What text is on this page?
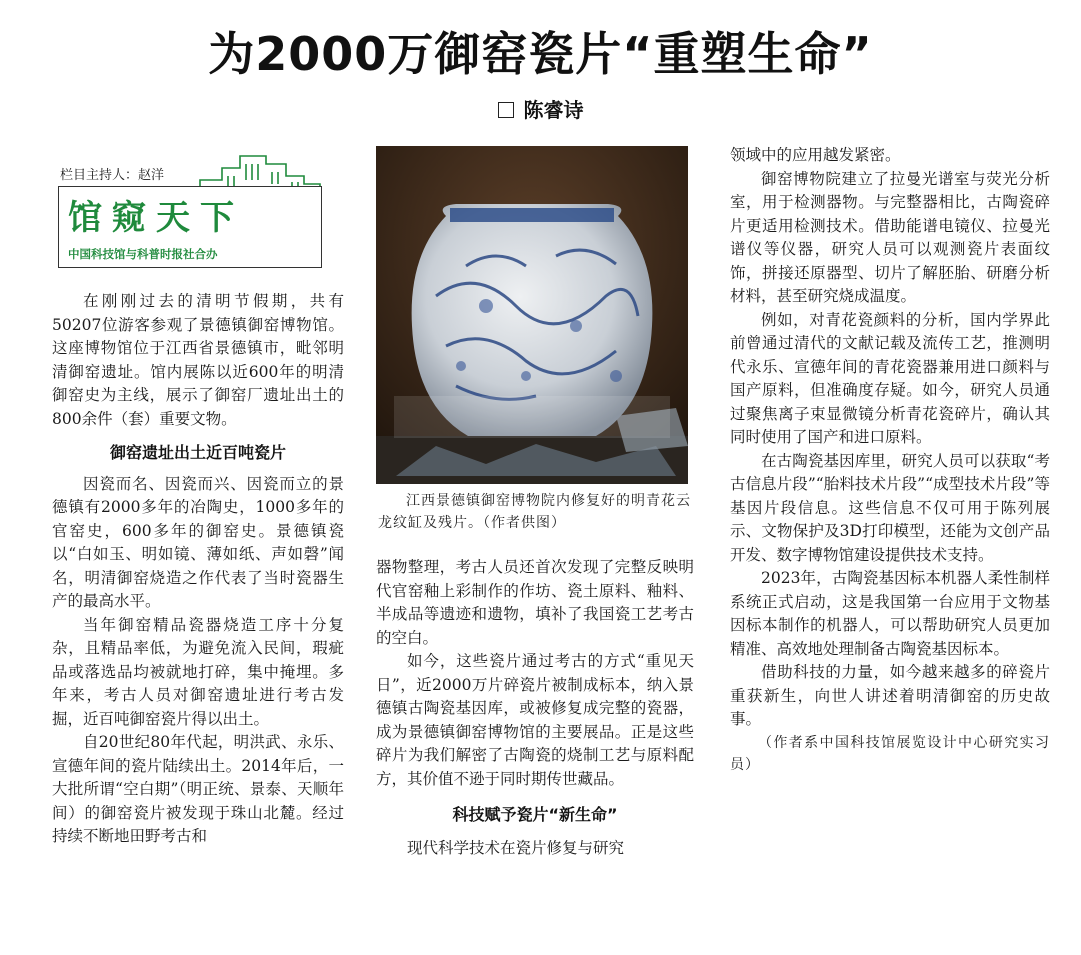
为2000万御窑瓷片“重塑生命”
陈睿诗
栏目主持人：赵洋
馆窥天下
中国科技馆与科普时报社合办
江西景德镇御窑博物院内修复好的明青花云龙纹缸及残片。（作者供图）

在刚刚过去的清明节假期，共有50207位游客参观了景德镇御窑博物馆。这座博物馆位于江西省景德镇市，毗邻明清御窑遗址。馆内展陈以近600年的明清御窑史为主线，展示了御窑厂遗址出土的800余件（套）重要文物。

御窑遗址出土近百吨瓷片

因瓷而名、因瓷而兴、因瓷而立的景德镇有2000多年的冶陶史，1000多年的官窑史，600多年的御窑史。景德镇瓷以“白如玉、明如镜、薄如纸、声如磬”闻名，明清御窑烧造之作代表了当时瓷器生产的最高水平。

当年御窑精品瓷器烧造工序十分复杂，且精品率低，为避免流入民间，瑕疵品或落选品均被就地打碎，集中掩埋。多年来，考古人员对御窑遗址进行考古发掘，近百吨御窑瓷片得以出土。

自20世纪80年代起，明洪武、永乐、宣德年间的瓷片陆续出土。2014年后，一大批所谓“空白期”（明正统、景泰、天顺年间）的御窑瓷片被发现于珠山北麓。经过持续不断地田野考古和

器物整理，考古人员还首次发现了完整反映明代官窑釉上彩制作的作坊、瓷土原料、釉料、半成品等遗迹和遗物，填补了我国瓷工艺考古的空白。

如今，这些瓷片通过考古的方式“重见天日”，近2000万片碎瓷片被制成标本，纳入景德镇古陶瓷基因库，或被修复成完整的瓷器，成为景德镇御窑博物馆的主要展品。正是这些碎片为我们解密了古陶瓷的烧制工艺与原料配方，其价值不逊于同时期传世藏品。

科技赋予瓷片“新生命”

现代科学技术在瓷片修复与研究

领域中的应用越发紧密。

御窑博物院建立了拉曼光谱室与荧光分析室，用于检测器物。与完整器相比，古陶瓷碎片更适用检测技术。借助能谱电镜仪、拉曼光谱仪等仪器，研究人员可以观测瓷片表面纹饰，拼接还原器型、切片了解胚胎、研磨分析材料，甚至研究烧成温度。

例如，对青花瓷颜料的分析，国内学界此前曾通过清代的文献记载及流传工艺，推测明代永乐、宣德年间的青花瓷器兼用进口颜料与国产原料，但准确度存疑。如今，研究人员通过聚焦离子束显微镜分析青花瓷碎片，确认其同时使用了国产和进口原料。

在古陶瓷基因库里，研究人员可以获取“考古信息片段”“胎料技术片段”“成型技术片段”等基因片段信息。这些信息不仅可用于陈列展示、文物保护及3D打印模型，还能为文创产品开发、数字博物馆建设提供技术支持。

2023年，古陶瓷基因标本机器人柔性制样系统正式启动，这是我国第一台应用于文物基因标本制作的机器人，可以帮助研究人员更加精准、高效地处理制备古陶瓷基因标本。

借助科技的力量，如今越来越多的碎瓷片重获新生，向世人讲述着明清御窑的历史故事。

（作者系中国科技馆展览设计中心研究实习员）
